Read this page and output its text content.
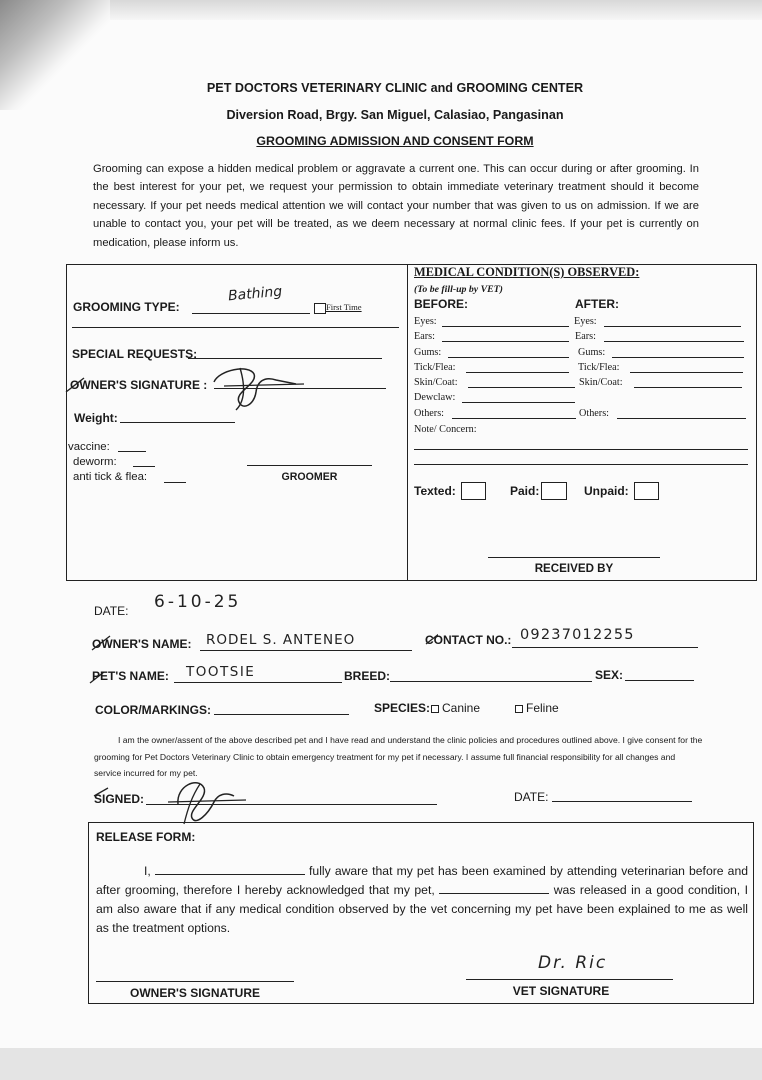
PET DOCTORS VETERINARY CLINIC and GROOMING CENTER
Diversion Road, Brgy. San Miguel, Calasiao, Pangasinan
GROOMING ADMISSION AND CONSENT FORM

Grooming can expose a hidden medical problem or aggravate a current one. This can occur during or after grooming. In the best interest for your pet, we request your permission to obtain immediate veterinary treatment should it become necessary. If your pet needs medical attention we will contact your number that was given to us on admission. If we are unable to contact you, your pet will be treated, as we deem necessary at normal clinic fees. If your pet is currently on medication, please inform us.

GROOMING TYPE:
Bathing
First Time
SPECIAL REQUESTS:
OWNER'S SIGNATURE :
Weight:
vaccine:
deworm:
anti tick & flea:	GROOMER
MEDICAL CONDITION(S) OBSERVED:
(To be fill-up by VET)
BEFORE:	AFTER:
Eyes:	Eyes:
Ears:	Ears:
Gums:	Gums:
Tick/Flea:	Tick/Flea:
Skin/Coat:	Skin/Coat:
Dewclaw:
Others:	Others:
Note/ Concern:
Texted:	Paid:	Unpaid:
RECEIVED BY
DATE: 6-10-25
OWNER'S NAME: RODEL S. ANTENEO	CONTACT NO.: 09237012255
PET'S NAME: TOOTSIE	BREED:	SEX:
COLOR/MARKINGS:	SPECIES: Canine	Feline

I am the owner/assent of the above described pet and I have read and understand the clinic policies and procedures outlined above. I give consent for the grooming for Pet Doctors Veterinary Clinic to obtain emergency treatment for my pet if necessary. I assume full financial responsibility for all changes and service incurred for my pet.

SIGNED:	DATE:
RELEASE FORM:

I,	fully aware that my pet has been examined by attending veterinarian before and after grooming, therefore I hereby acknowledged that my pet,	was released in a good condition, I am also aware that if any medical condition observed by the vet concerning my pet have been explained to me as well as the treatment options.

OWNER'S SIGNATURE
Dr. Ric
VET SIGNATURE
